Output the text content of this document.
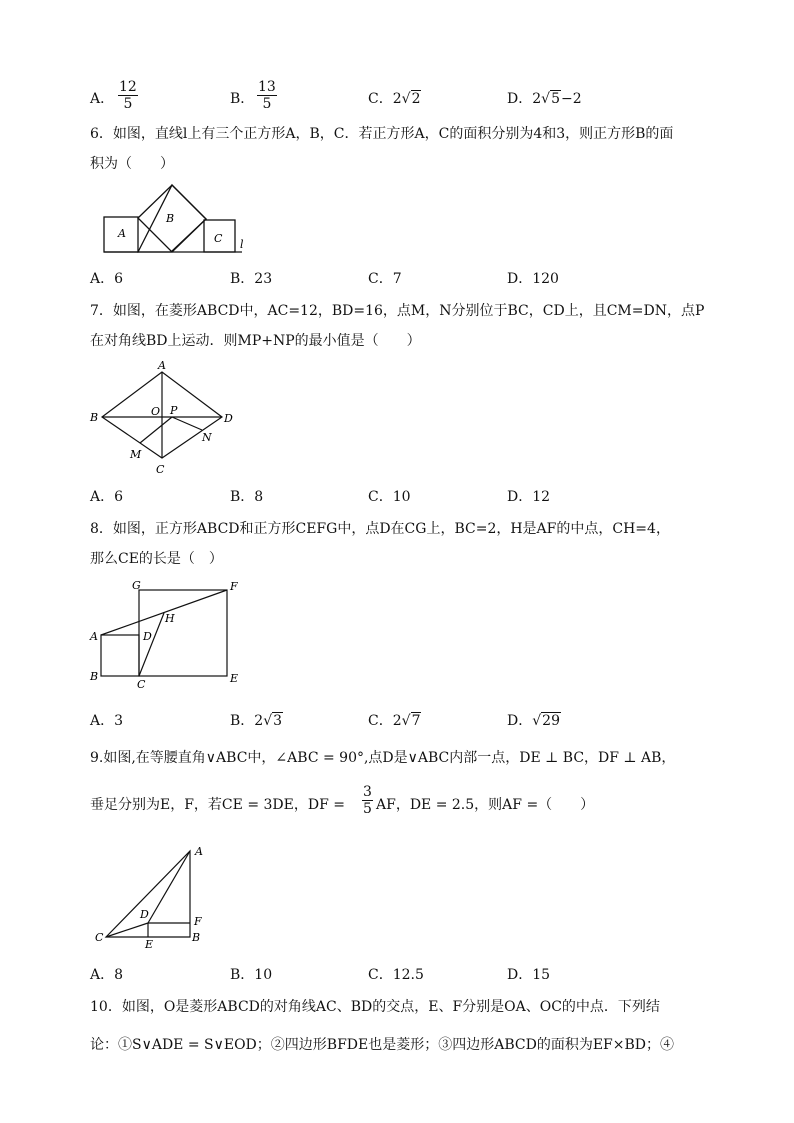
A． $\frac{12}{5}$	B． $\frac{13}{5}$	C．2√2	D．2√5−2
6．如图，直线l上有三个正方形A，B，C．若正方形A，C的面积分别为4和3，则正方形B的面
积为（　　）
A
B
C l
A．6	B．23	C．7	D．120
7．如图，在菱形ABCD中，AC=12，BD=16，点M，N分别位于BC，CD上，且CM=DN，点P
在对角线BD上运动．则MP+NP的最小值是（　　）
A
B
C
D
O P
M
N
A．6	B．8	C．10	D．12
8．如图，正方形ABCD和正方形CEFG中，点D在CG上，BC=2，H是AF的中点，CH=4，
那么CE的长是（　）
G	F
A
H
D
B
C	E
A．3	B．2√3	C．2√7	D．√29
9.如图,在等腰直角∨ABC中，∠ABC = 90°,点D是∨ABC内部一点，DE ⊥ BC，DF ⊥ AB，
垂足分别为E，F，若CE = 3DE，DF = $\frac{3}{5}$ AF，DE = 2.5，则AF =（　　）
A
C
D
F
E
B
A．8	B．10	C．12.5	D．15
10．如图，O是菱形ABCD的对角线AC、BD的交点，E、F分别是OA、OC的中点．下列结
论：①S∨ADE = S∨EOD；②四边形BFDE也是菱形；③四边形ABCD的面积为EF×BD；④
